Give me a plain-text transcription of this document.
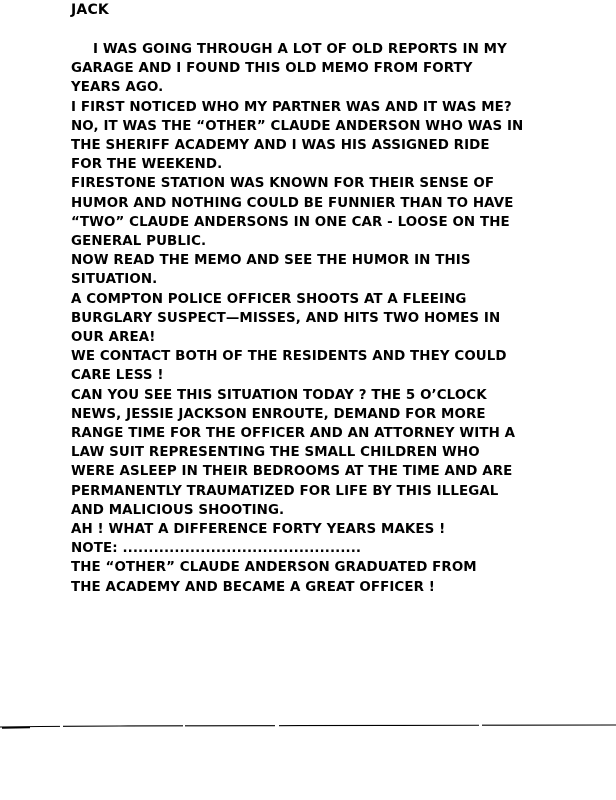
JACK
I WAS GOING THROUGH A LOT OF OLD REPORTS IN MY
GARAGE AND I FOUND THIS OLD MEMO FROM FORTY
YEARS AGO.
I FIRST NOTICED WHO MY PARTNER WAS AND IT WAS ME?
NO, IT WAS THE “OTHER” CLAUDE ANDERSON WHO WAS IN
THE SHERIFF ACADEMY AND I WAS HIS ASSIGNED RIDE
FOR THE WEEKEND.
FIRESTONE STATION WAS KNOWN FOR THEIR SENSE OF
HUMOR AND NOTHING COULD BE FUNNIER THAN TO HAVE
“TWO” CLAUDE ANDERSONS IN ONE CAR - LOOSE ON THE
GENERAL PUBLIC.
NOW READ THE MEMO AND SEE THE HUMOR IN THIS
SITUATION.
A COMPTON POLICE OFFICER SHOOTS AT A FLEEING
BURGLARY SUSPECT—MISSES, AND HITS TWO HOMES IN
OUR AREA!
WE CONTACT BOTH OF THE RESIDENTS AND THEY COULD
CARE LESS !
CAN YOU SEE THIS SITUATION TODAY ? THE 5 O’CLOCK
NEWS, JESSIE JACKSON ENROUTE, DEMAND FOR MORE
RANGE TIME FOR THE OFFICER AND AN ATTORNEY WITH A
LAW SUIT REPRESENTING THE SMALL CHILDREN WHO
WERE ASLEEP IN THEIR BEDROOMS AT THE TIME AND ARE
PERMANENTLY TRAUMATIZED FOR LIFE BY THIS ILLEGAL
AND MALICIOUS SHOOTING.
AH ! WHAT A DIFFERENCE FORTY YEARS MAKES !
NOTE: ..............................................
THE “OTHER” CLAUDE ANDERSON GRADUATED FROM
THE ACADEMY AND BECAME A GREAT OFFICER !
